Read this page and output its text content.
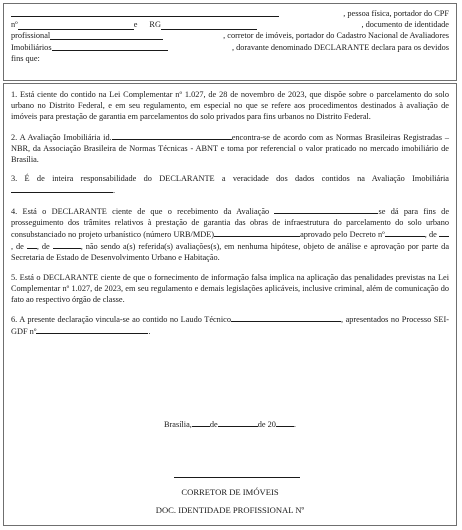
, pessoa física, portador do CPF
nº	e RG	, documento de identidade
profissional	, corretor de imóveis, portador do Cadastro Nacional de Avaliadores
Imobiliários	, doravante denominado DECLARANTE declara para os devidos

fins que:

1. Está ciente do contido na Lei Complementar nº 1.027, de 28 de novembro de 2023, que dispõe sobre o parcelamento do solo urbano no Distrito Federal, e em seu regulamento, em especial no que se refere aos procedimentos destinados à avaliação de imóveis para prestação de garantia em parcelamentos do solo privados para fins urbanos no Distrito Federal.

2. A Avaliação Imobiliária id.	encontra-se de acordo com as Normas Brasileiras Registradas – NBR, da Associação Brasileira de Normas Técnicas - ABNT e toma por referencial o valor praticado no mercado imobiliário de Brasília.

3. É de inteira responsabilidade do DECLARANTE a veracidade dos dados contidos na Avaliação Imobiliária.

4. Está o DECLARANTE ciente de que o recebimento da Avaliação	se dá para fins de prosseguimento dos trâmites relativos à prestação de garantia das obras de infraestrutura do parcelamento do solo urbano consubstanciado no projeto urbanístico (número URB/MDE)	aprovado pelo Decreto nº	, de , de , de	, não sendo a(s) referida(s) avaliações(s), em nenhuma hipótese, objeto de análise e aprovação por parte da Secretaria de Estado de Desenvolvimento Urbano e Habitação.

5. Está o DECLARANTE ciente de que o fornecimento de informação falsa implica na aplicação das penalidades previstas na Lei Complementar nº 1.027, de 2023, em seu regulamento e demais legislações aplicáveis, inclusive criminal, além de comunicação do fato ao respectivo órgão de classe.

6. A presente declaração vincula-se ao contido no Laudo Técnico	, apresentados no Processo SEI-GDF nº	.

Brasília, de	de 20 .

CORRETOR DE IMÓVEIS

DOC. IDENTIDADE PROFISSIONAL Nº
